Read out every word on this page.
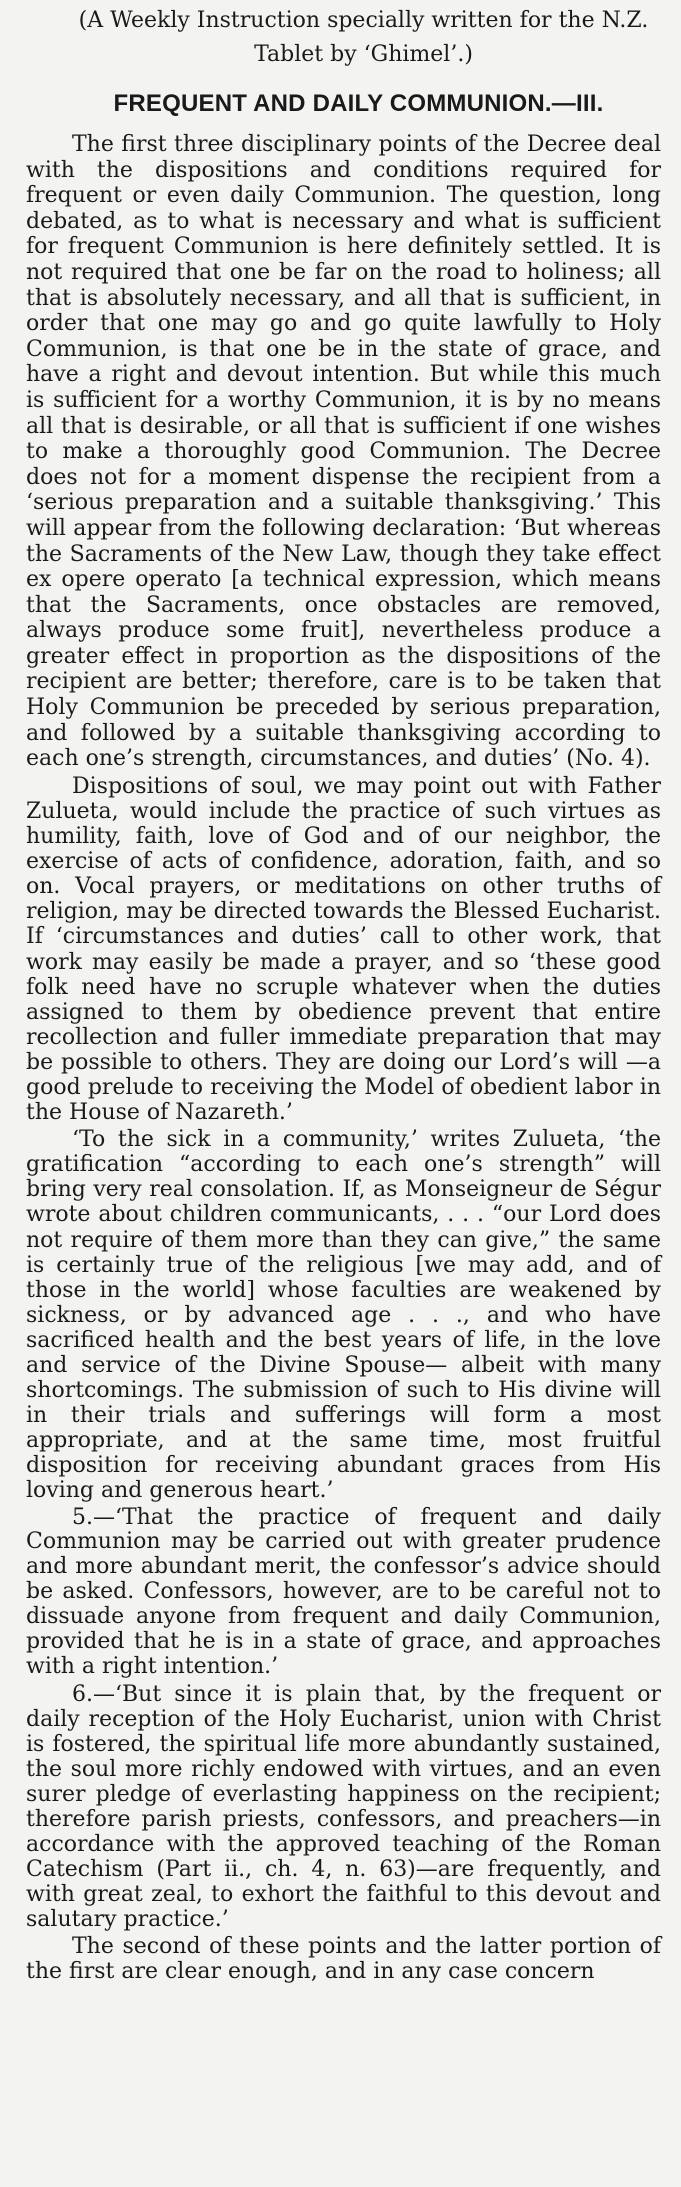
(A Weekly Instruction specially written for the N.Z.
Tablet by ‘Ghimel’.)

FREQUENT AND DAILY COMMUNION.—III.

The first three disciplinary points of the Decree deal with the dispositions and conditions required for frequent or even daily Communion. The question, long debated, as to what is necessary and what is sufficient for frequent Communion is here definitely settled. It is not required that one be far on the road to holiness; all that is absolutely necessary, and all that is sufficient, in order that one may go and go quite lawfully to Holy Communion, is that one be in the state of grace, and have a right and devout intention. But while this much is sufficient for a worthy Communion, it is by no means all that is desirable, or all that is sufficient if one wishes to make a thoroughly good Communion. The Decree does not for a moment dispense the recipient from a ‘serious preparation and a suitable thanksgiving.’ This will appear from the following declaration: ‘But whereas the Sacraments of the New Law, though they take effect ex opere operato [a technical expression, which means that the Sacraments, once obstacles are removed, always produce some fruit], nevertheless produce a greater effect in proportion as the dispositions of the recipient are better; therefore, care is to be taken that Holy Communion be preceded by serious preparation, and followed by a suitable thanksgiving according to each one’s strength, circumstances, and duties’ (No. 4).

Dispositions of soul, we may point out with Father Zulueta, would include the practice of such virtues as humility, faith, love of God and of our neighbor, the exercise of acts of confidence, adoration, faith, and so on. Vocal prayers, or meditations on other truths of religion, may be directed towards the Blessed Eucharist. If ‘circumstances and duties’ call to other work, that work may easily be made a prayer, and so ‘these good folk need have no scruple whatever when the duties assigned to them by obedience prevent that entire recollection and fuller immediate preparation that may be possible to others. They are doing our Lord’s will —a good prelude to receiving the Model of obedient labor in the House of Nazareth.’

‘To the sick in a community,’ writes Zulueta, ‘the gratification “according to each one’s strength” will bring very real consolation. If, as Monseigneur de Ségur wrote about children communicants, . . . “our Lord does not require of them more than they can give,” the same is certainly true of the religious [we may add, and of those in the world] whose faculties are weakened by sickness, or by advanced age . . ., and who have sacrificed health and the best years of life, in the love and service of the Divine Spouse— albeit with many shortcomings. The submission of such to His divine will in their trials and sufferings will form a most appropriate, and at the same time, most fruitful disposition for receiving abundant graces from His loving and generous heart.’

5.—‘That the practice of frequent and daily Communion may be carried out with greater prudence and more abundant merit, the confessor’s advice should be asked. Confessors, however, are to be careful not to dissuade anyone from frequent and daily Communion, provided that he is in a state of grace, and approaches with a right intention.’

6.—‘But since it is plain that, by the frequent or daily reception of the Holy Eucharist, union with Christ is fostered, the spiritual life more abundantly sustained, the soul more richly endowed with virtues, and an even surer pledge of everlasting happiness on the recipient; therefore parish priests, confessors, and preachers—in accordance with the approved teaching of the Roman Catechism (Part ii., ch. 4, n. 63)—are frequently, and with great zeal, to exhort the faithful to this devout and salutary practice.’

The second of these points and the latter portion of the first are clear enough, and in any case concern
